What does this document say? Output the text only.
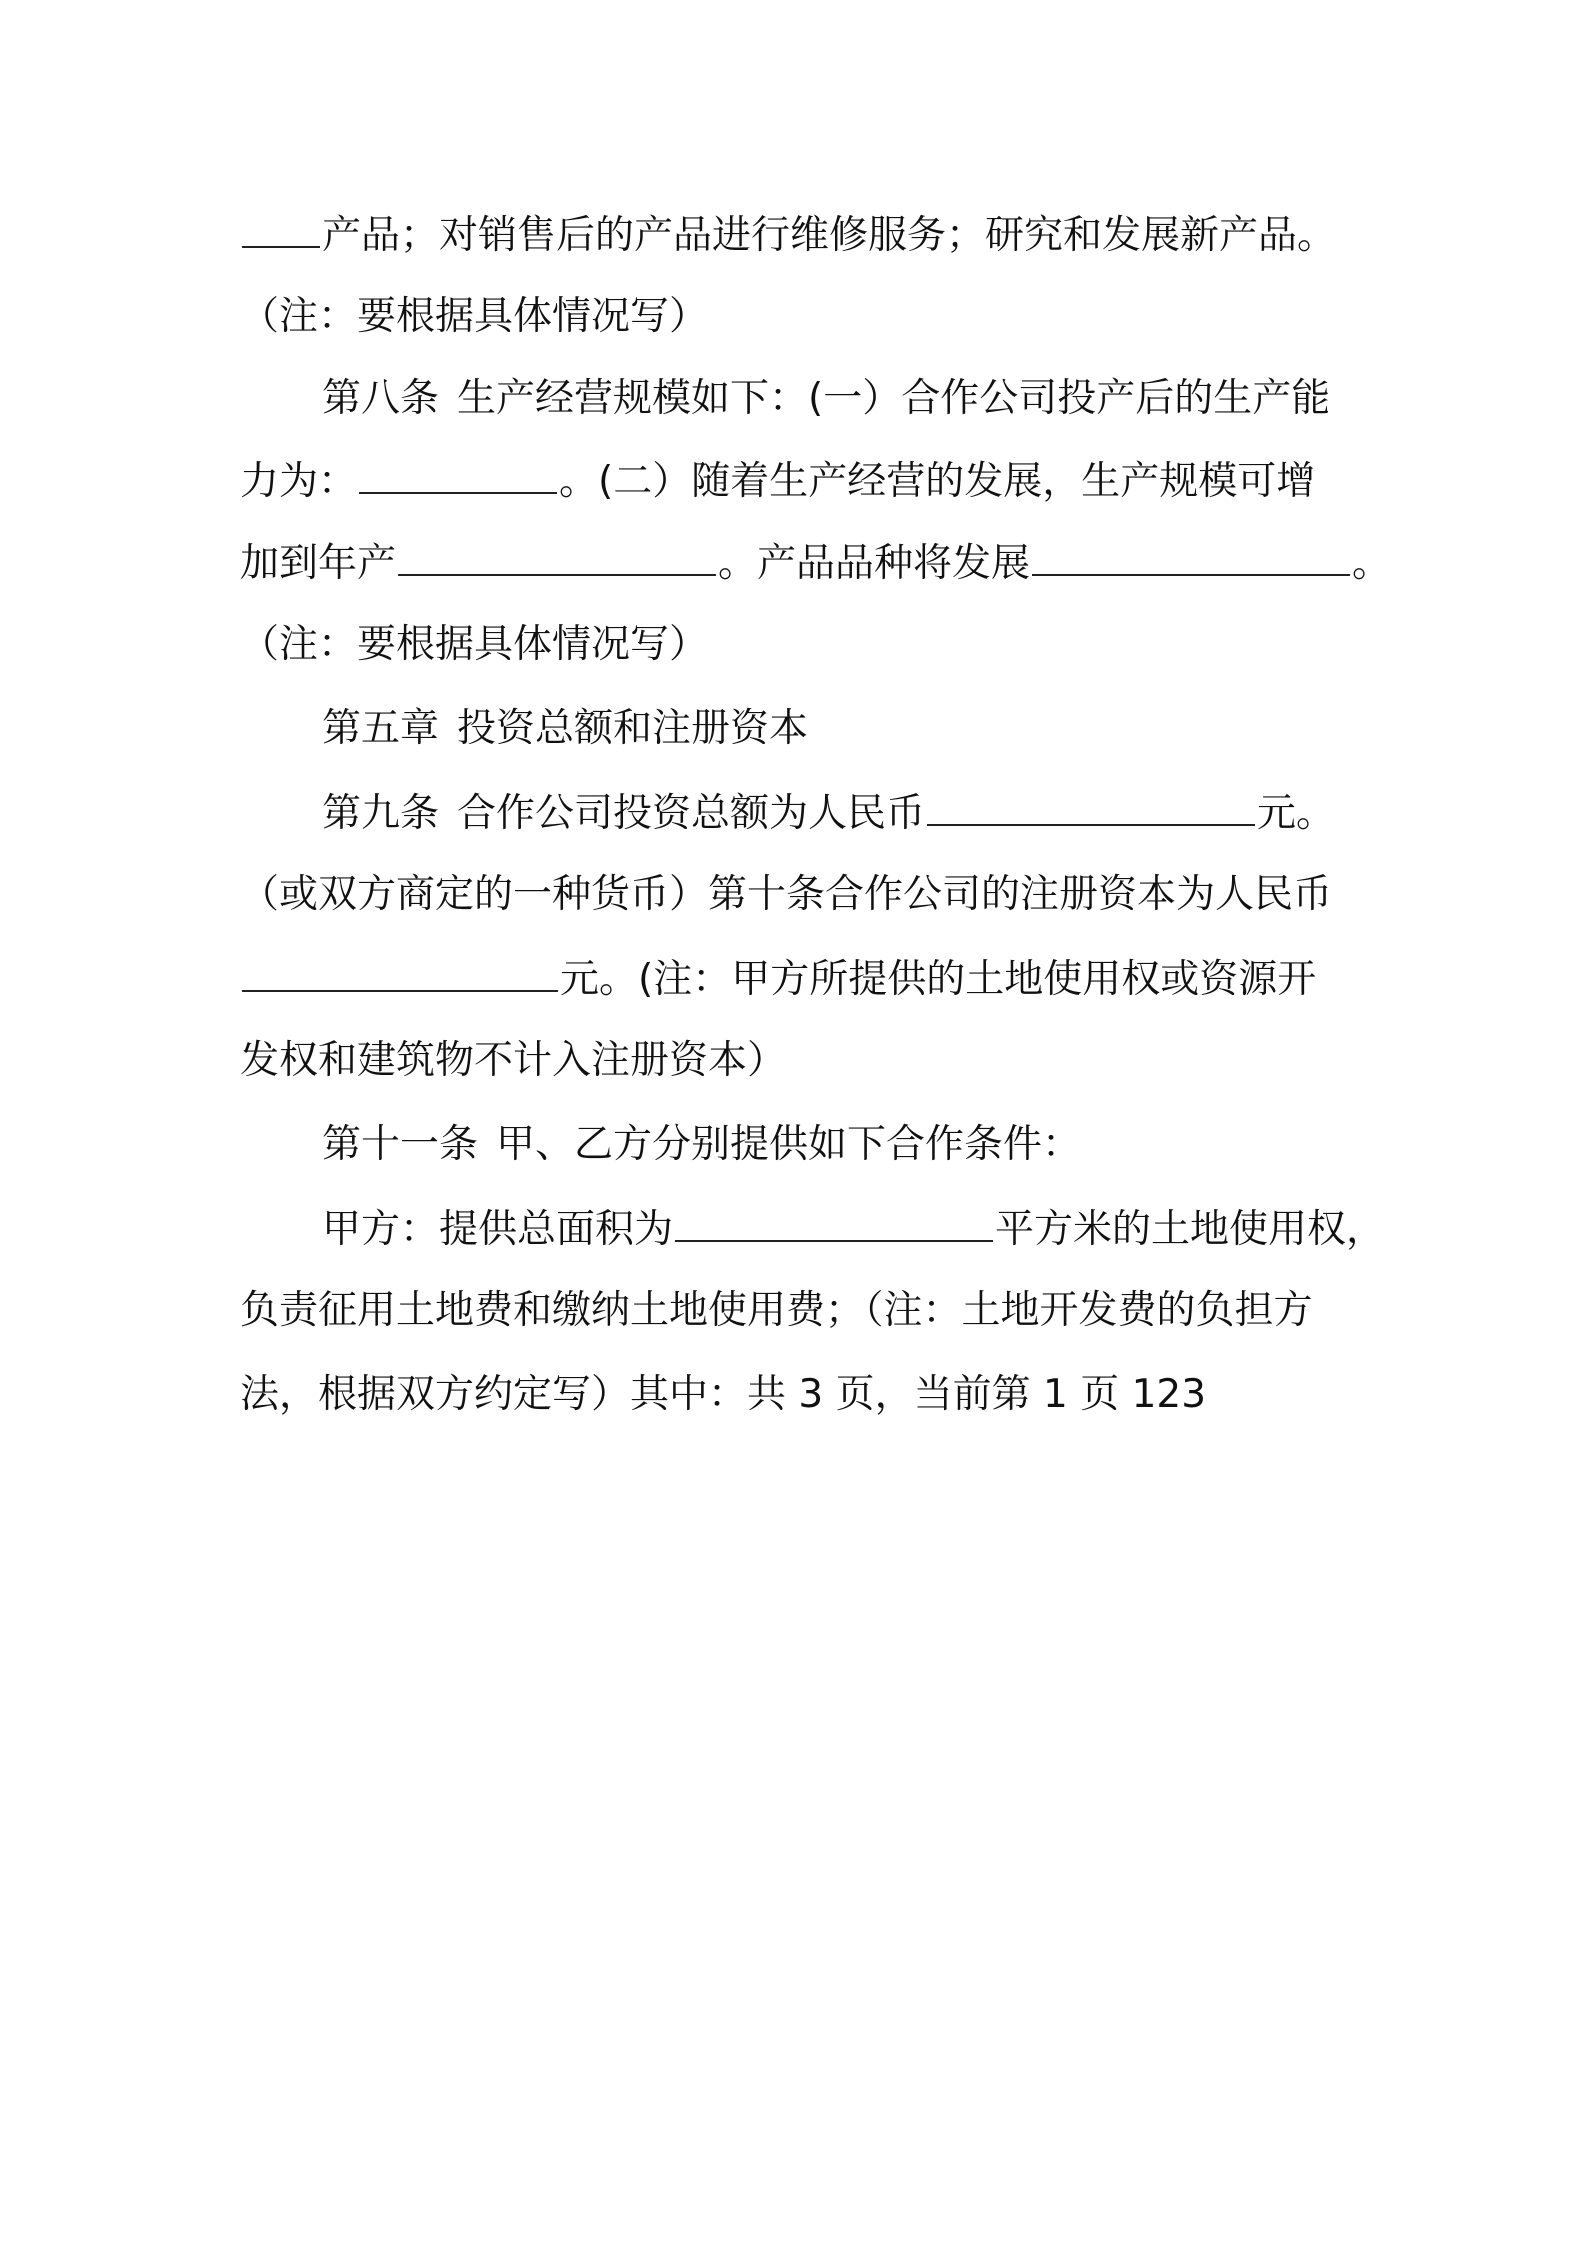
产品；对销售后的产品进行维修服务；研究和发展新产品。
（注：要根据具体情况写）
第八条 生产经营规模如下：(一）合作公司投产后的生产能
力为：	。(二）随着生产经营的发展，生产规模可增
加到年产	。产品品种将发展	。
（注：要根据具体情况写）
第五章 投资总额和注册资本
第九条 合作公司投资总额为人民币	元。
（或双方商定的一种货币）第十条合作公司的注册资本为人民币
元。(注：甲方所提供的土地使用权或资源开
发权和建筑物不计入注册资本）
第十一条 甲、乙方分别提供如下合作条件：
甲方：提供总面积为	平方米的土地使用权，
负责征用土地费和缴纳土地使用费；（注：土地开发费的负担方
法，根据双方约定写）其中：共 3 页，当前第 1 页 123
